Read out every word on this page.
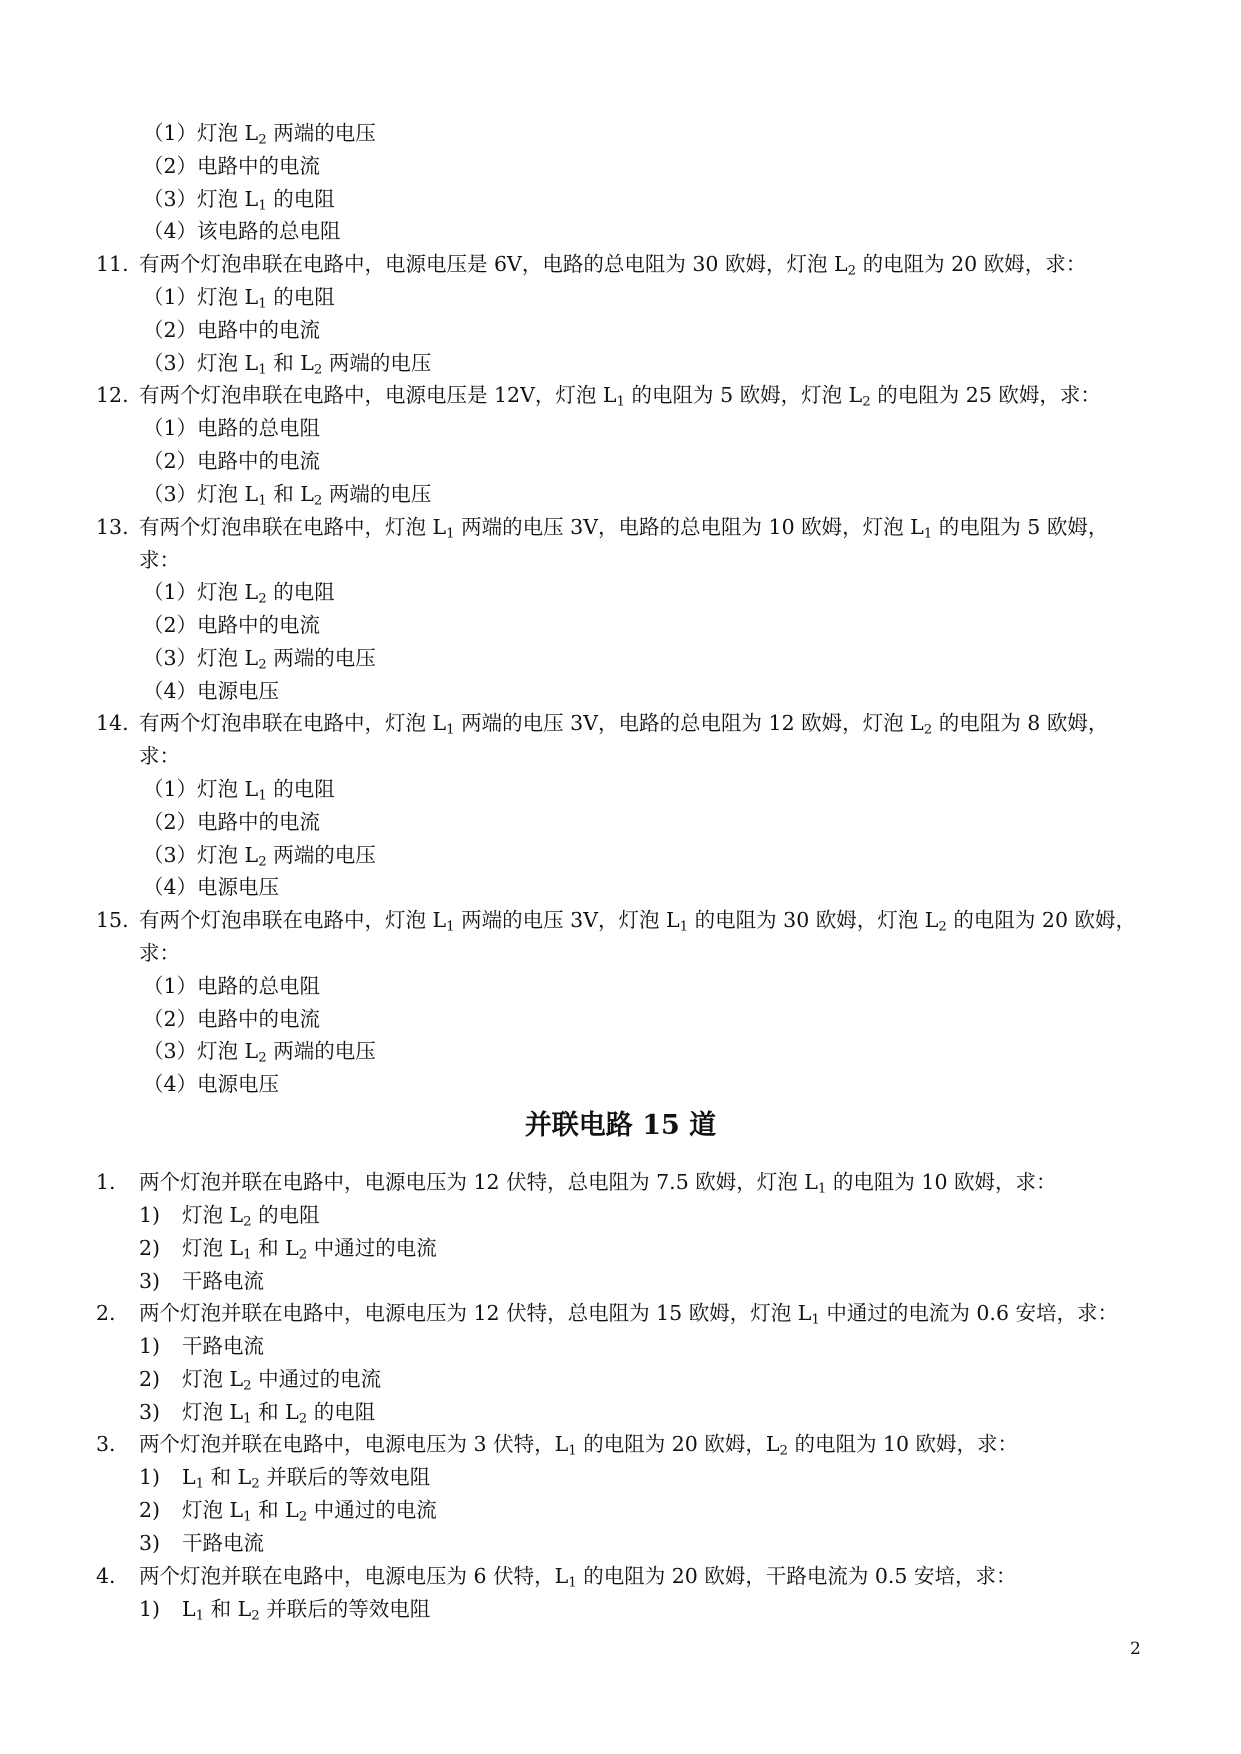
（1）灯泡 $L_2$ 两端的电压
（2）电路中的电流
（3）灯泡 $L_1$ 的电阻
（4）该电路的总电阻
11. 有两个灯泡串联在电路中，电源电压是 6V，电路的总电阻为 30 欧姆，灯泡 $L_2$ 的电阻为 20 欧姆，求：
（1）灯泡 $L_1$ 的电阻
（2）电路中的电流
（3）灯泡 $L_1$ 和 $L_2$ 两端的电压
12. 有两个灯泡串联在电路中，电源电压是 12V，灯泡 $L_1$ 的电阻为 5 欧姆，灯泡 $L_2$ 的电阻为 25 欧姆，求：
（1）电路的总电阻
（2）电路中的电流
（3）灯泡 $L_1$ 和 $L_2$ 两端的电压
13. 有两个灯泡串联在电路中，灯泡 $L_1$ 两端的电压 3V，电路的总电阻为 10 欧姆，灯泡 $L_1$ 的电阻为 5 欧姆，
求：
（1）灯泡 $L_2$ 的电阻
（2）电路中的电流
（3）灯泡 $L_2$ 两端的电压
（4）电源电压
14. 有两个灯泡串联在电路中，灯泡 $L_1$ 两端的电压 3V，电路的总电阻为 12 欧姆，灯泡 $L_2$ 的电阻为 8 欧姆，
求：
（1）灯泡 $L_1$ 的电阻
（2）电路中的电流
（3）灯泡 $L_2$ 两端的电压
（4）电源电压
15. 有两个灯泡串联在电路中，灯泡 $L_1$ 两端的电压 3V，灯泡 $L_1$ 的电阻为 30 欧姆，灯泡 $L_2$ 的电阻为 20 欧姆，
求：
（1）电路的总电阻
（2）电路中的电流
（3）灯泡 $L_2$ 两端的电压
（4）电源电压
并联电路 15 道
1. 两个灯泡并联在电路中，电源电压为 12 伏特，总电阻为 7.5 欧姆，灯泡 $L_1$ 的电阻为 10 欧姆，求：
1) 灯泡 $L_2$ 的电阻
2) 灯泡 $L_1$ 和 $L_2$ 中通过的电流
3) 干路电流
2. 两个灯泡并联在电路中，电源电压为 12 伏特，总电阻为 15 欧姆，灯泡 $L_1$ 中通过的电流为 0.6 安培，求：
1) 干路电流
2) 灯泡 $L_2$ 中通过的电流
3) 灯泡 $L_1$ 和 $L_2$ 的电阻
3. 两个灯泡并联在电路中，电源电压为 3 伏特，$L_1$ 的电阻为 20 欧姆，$L_2$ 的电阻为 10 欧姆，求：
1) $L_1$ 和 $L_2$ 并联后的等效电阻
2) 灯泡 $L_1$ 和 $L_2$ 中通过的电流
3) 干路电流
4. 两个灯泡并联在电路中，电源电压为 6 伏特，$L_1$ 的电阻为 20 欧姆，干路电流为 0.5 安培，求：
1) $L_1$ 和 $L_2$ 并联后的等效电阻
2
